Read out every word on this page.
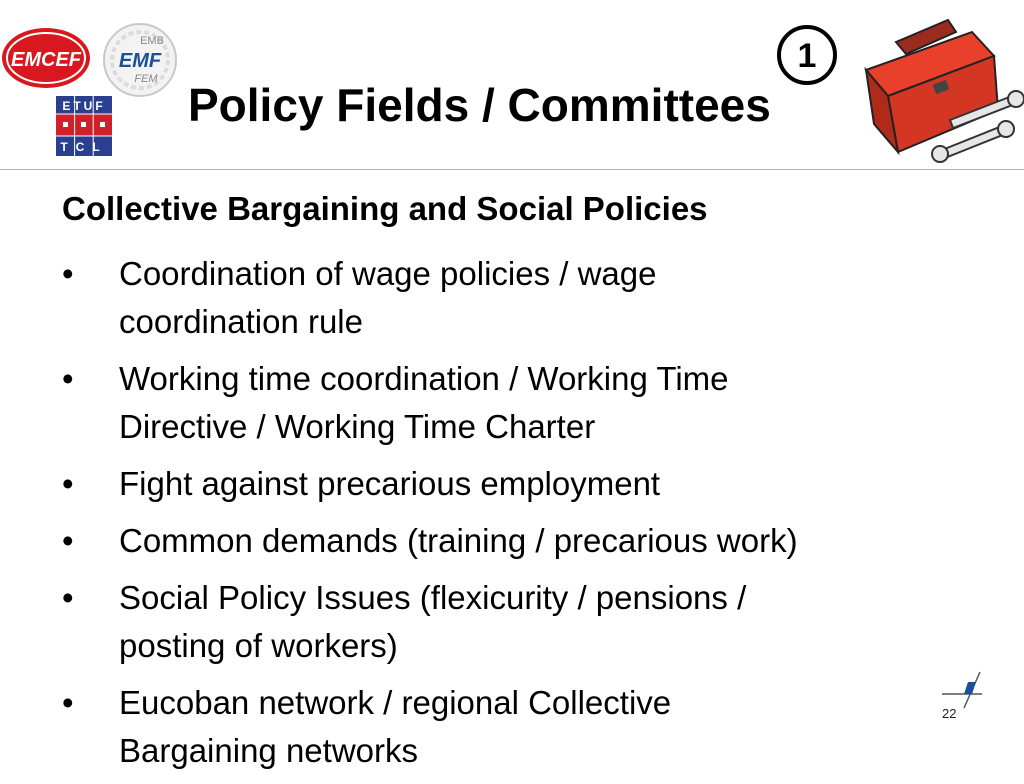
EMCEF
EMB
EMF
FEM
ETUF
TCL
Policy Fields / Committees
1
Collective Bargaining and Social Policies
• Coordination of wage policies / wage
coordination rule
• Working time coordination / Working Time
Directive / Working Time Charter
• Fight against precarious employment
• Common demands (training / precarious work)
• Social Policy Issues (flexicurity / pensions /
posting of workers)
• Eucoban network / regional Collective
Bargaining networks
22
